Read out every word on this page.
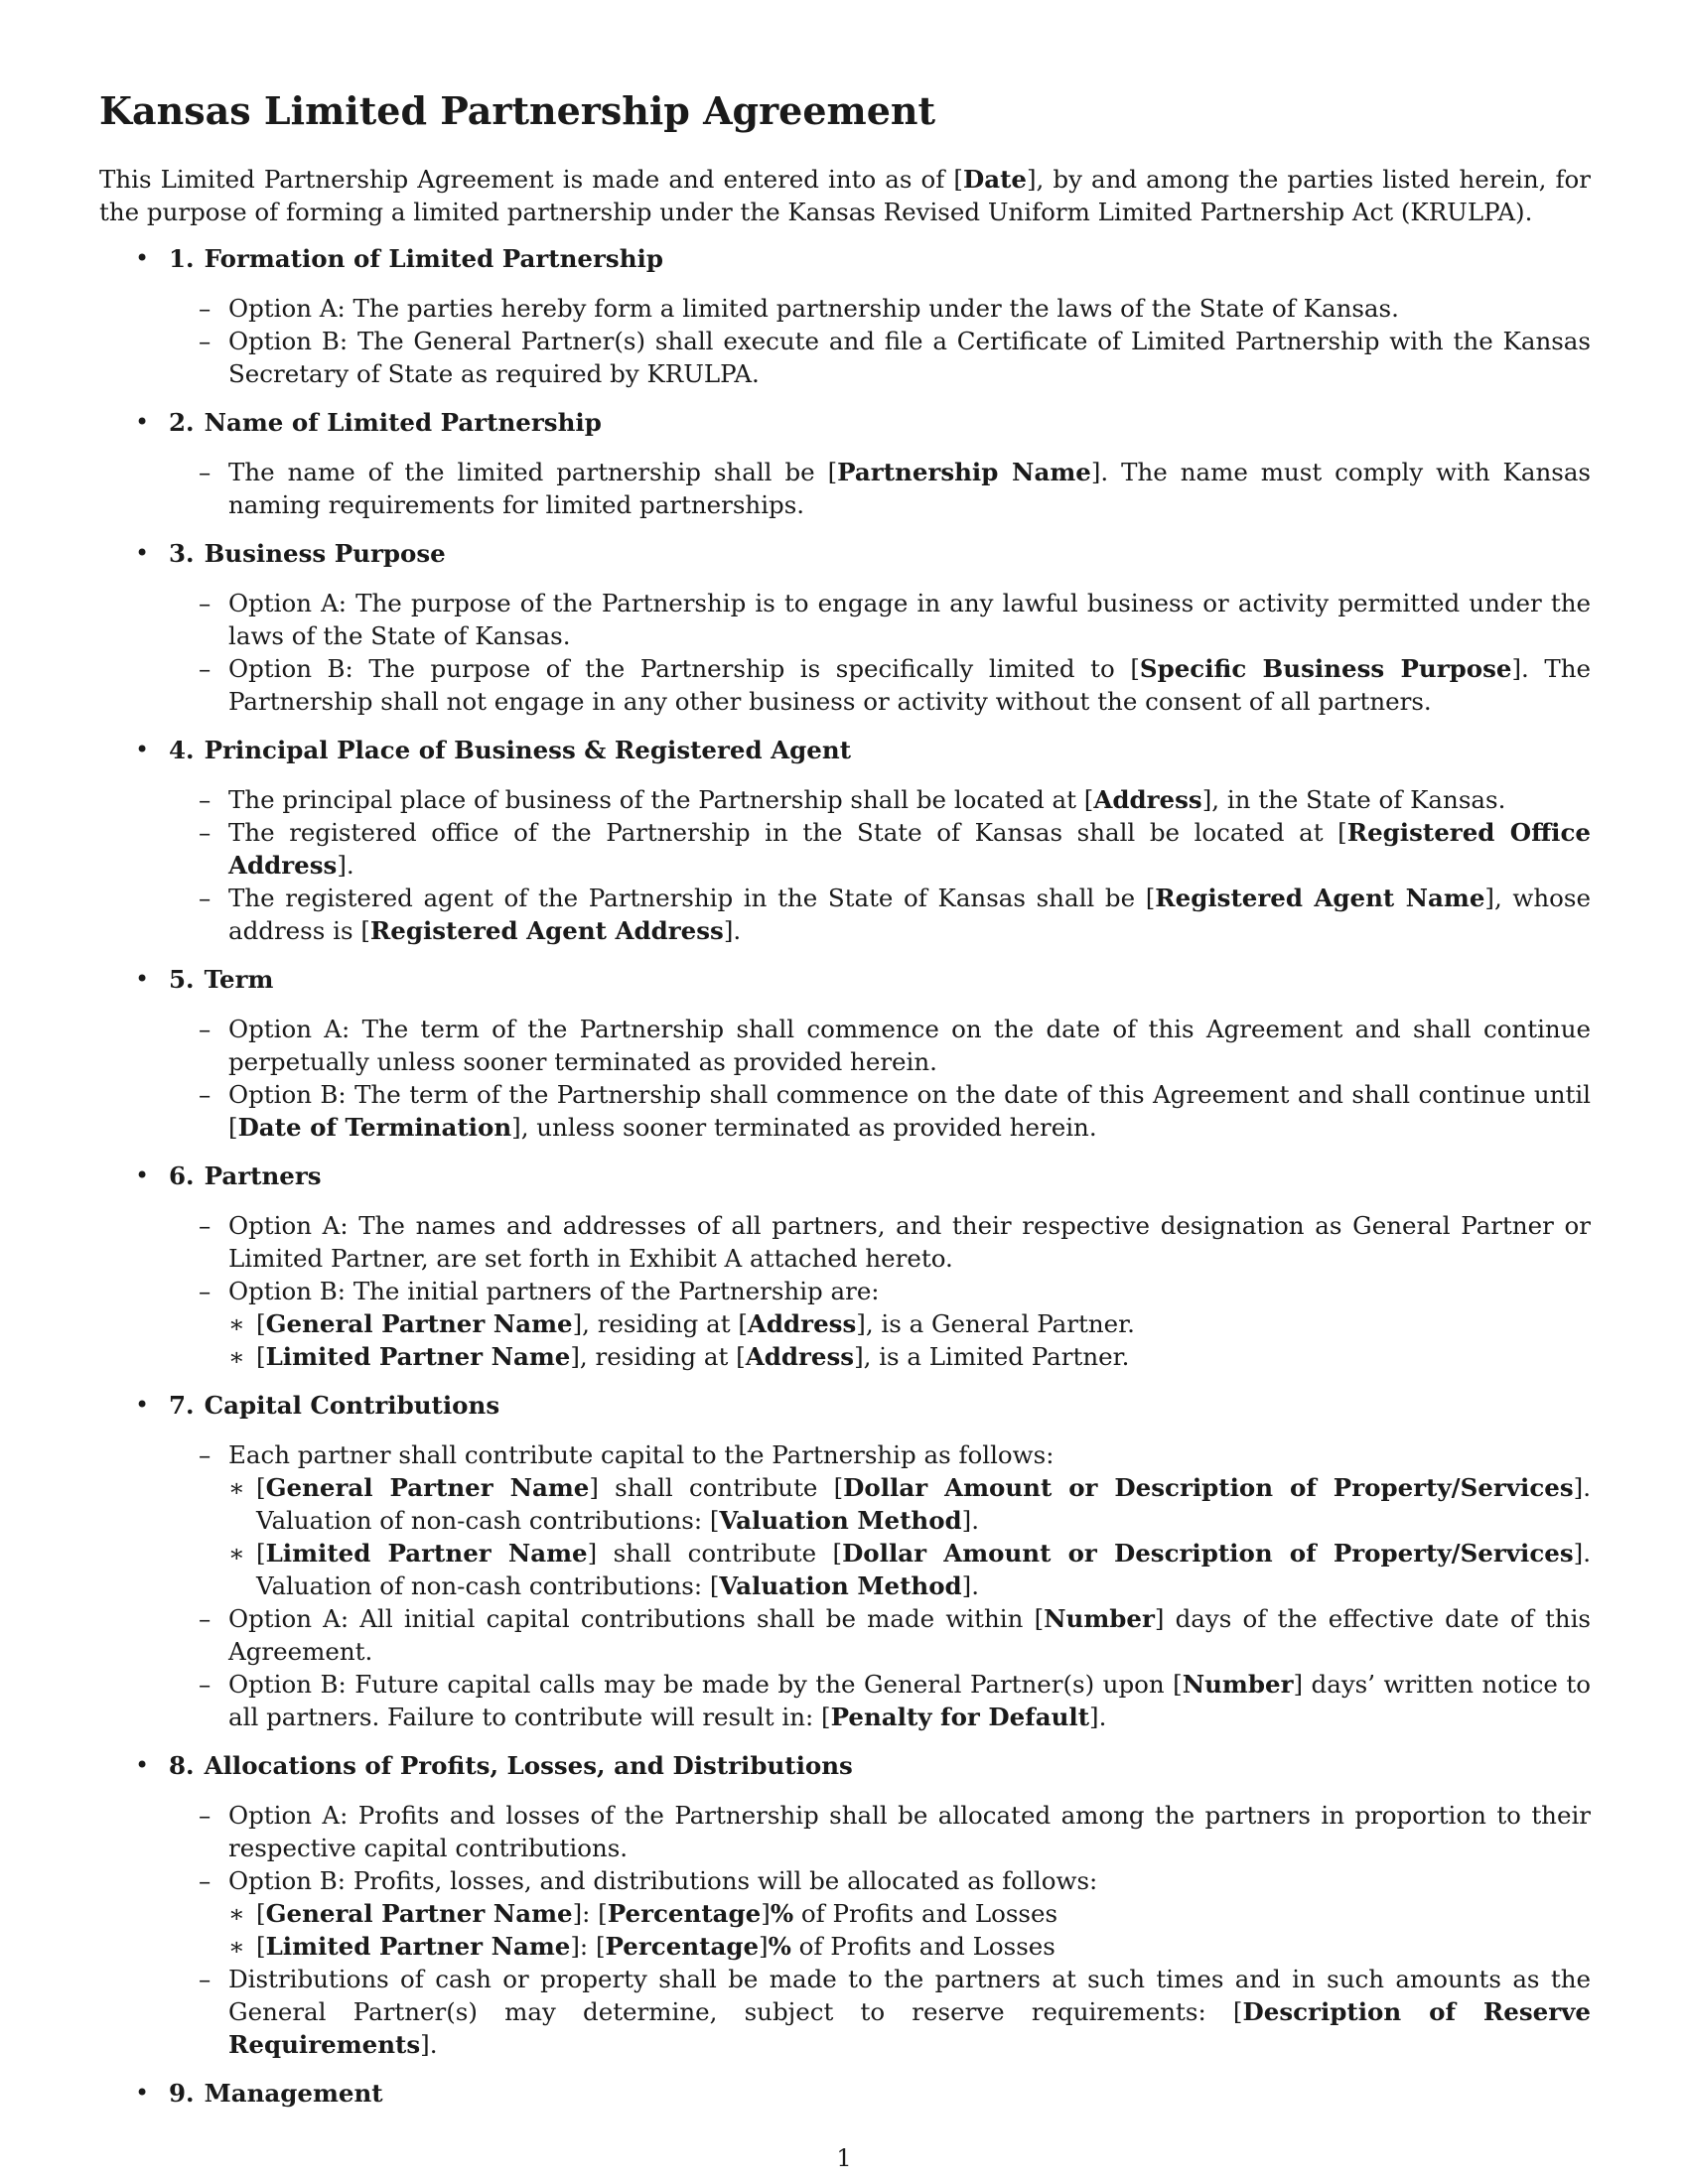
Kansas Limited Partnership Agreement

This Limited Partnership Agreement is made and entered into as of [Date], by and among the parties listed herein, for the purpose of forming a limited partnership under the Kansas Revised Uniform Limited Partnership Act (KRULPA).

• 1. Formation of Limited Partnership
– Option A: The parties hereby form a limited partnership under the laws of the State of Kansas.
– Option B: The General Partner(s) shall execute and file a Certificate of Limited Partnership with the Kansas Secretary of State as required by KRULPA.
• 2. Name of Limited Partnership
– The name of the limited partnership shall be [Partnership Name]. The name must comply with Kansas naming requirements for limited partnerships.
• 3. Business Purpose
– Option A: The purpose of the Partnership is to engage in any lawful business or activity permitted under the laws of the State of Kansas.
– Option B: The purpose of the Partnership is specifically limited to [Specific Business Purpose]. The Partnership shall not engage in any other business or activity without the consent of all partners.
• 4. Principal Place of Business & Registered Agent
– The principal place of business of the Partnership shall be located at [Address], in the State of Kansas.
– The registered office of the Partnership in the State of Kansas shall be located at [Registered Office Address].
– The registered agent of the Partnership in the State of Kansas shall be [Registered Agent Name], whose address is [Registered Agent Address].
• 5. Term
– Option A: The term of the Partnership shall commence on the date of this Agreement and shall continue perpetually unless sooner terminated as provided herein.
– Option B: The term of the Partnership shall commence on the date of this Agreement and shall continue until [Date of Termination], unless sooner terminated as provided herein.
• 6. Partners
– Option A: The names and addresses of all partners, and their respective designation as General Partner or Limited Partner, are set forth in Exhibit A attached hereto.
– Option B: The initial partners of the Partnership are:
∗ [General Partner Name], residing at [Address], is a General Partner.
∗ [Limited Partner Name], residing at [Address], is a Limited Partner.
• 7. Capital Contributions
– Each partner shall contribute capital to the Partnership as follows:
∗ [General Partner Name] shall contribute [Dollar Amount or Description of Property/Services]. Valuation of non-cash contributions: [Valuation Method].
∗ [Limited Partner Name] shall contribute [Dollar Amount or Description of Property/Services]. Valuation of non-cash contributions: [Valuation Method].
– Option A: All initial capital contributions shall be made within [Number] days of the effective date of this Agreement.
– Option B: Future capital calls may be made by the General Partner(s) upon [Number] days’ written notice to all partners. Failure to contribute will result in: [Penalty for Default].
• 8. Allocations of Profits, Losses, and Distributions
– Option A: Profits and losses of the Partnership shall be allocated among the partners in proportion to their respective capital contributions.
– Option B: Profits, losses, and distributions will be allocated as follows:
∗ [General Partner Name]: [Percentage]% of Profits and Losses
∗ [Limited Partner Name]: [Percentage]% of Profits and Losses
– Distributions of cash or property shall be made to the partners at such times and in such amounts as the General Partner(s) may determine, subject to reserve requirements: [Description of Reserve Requirements].
• 9. Management
1
